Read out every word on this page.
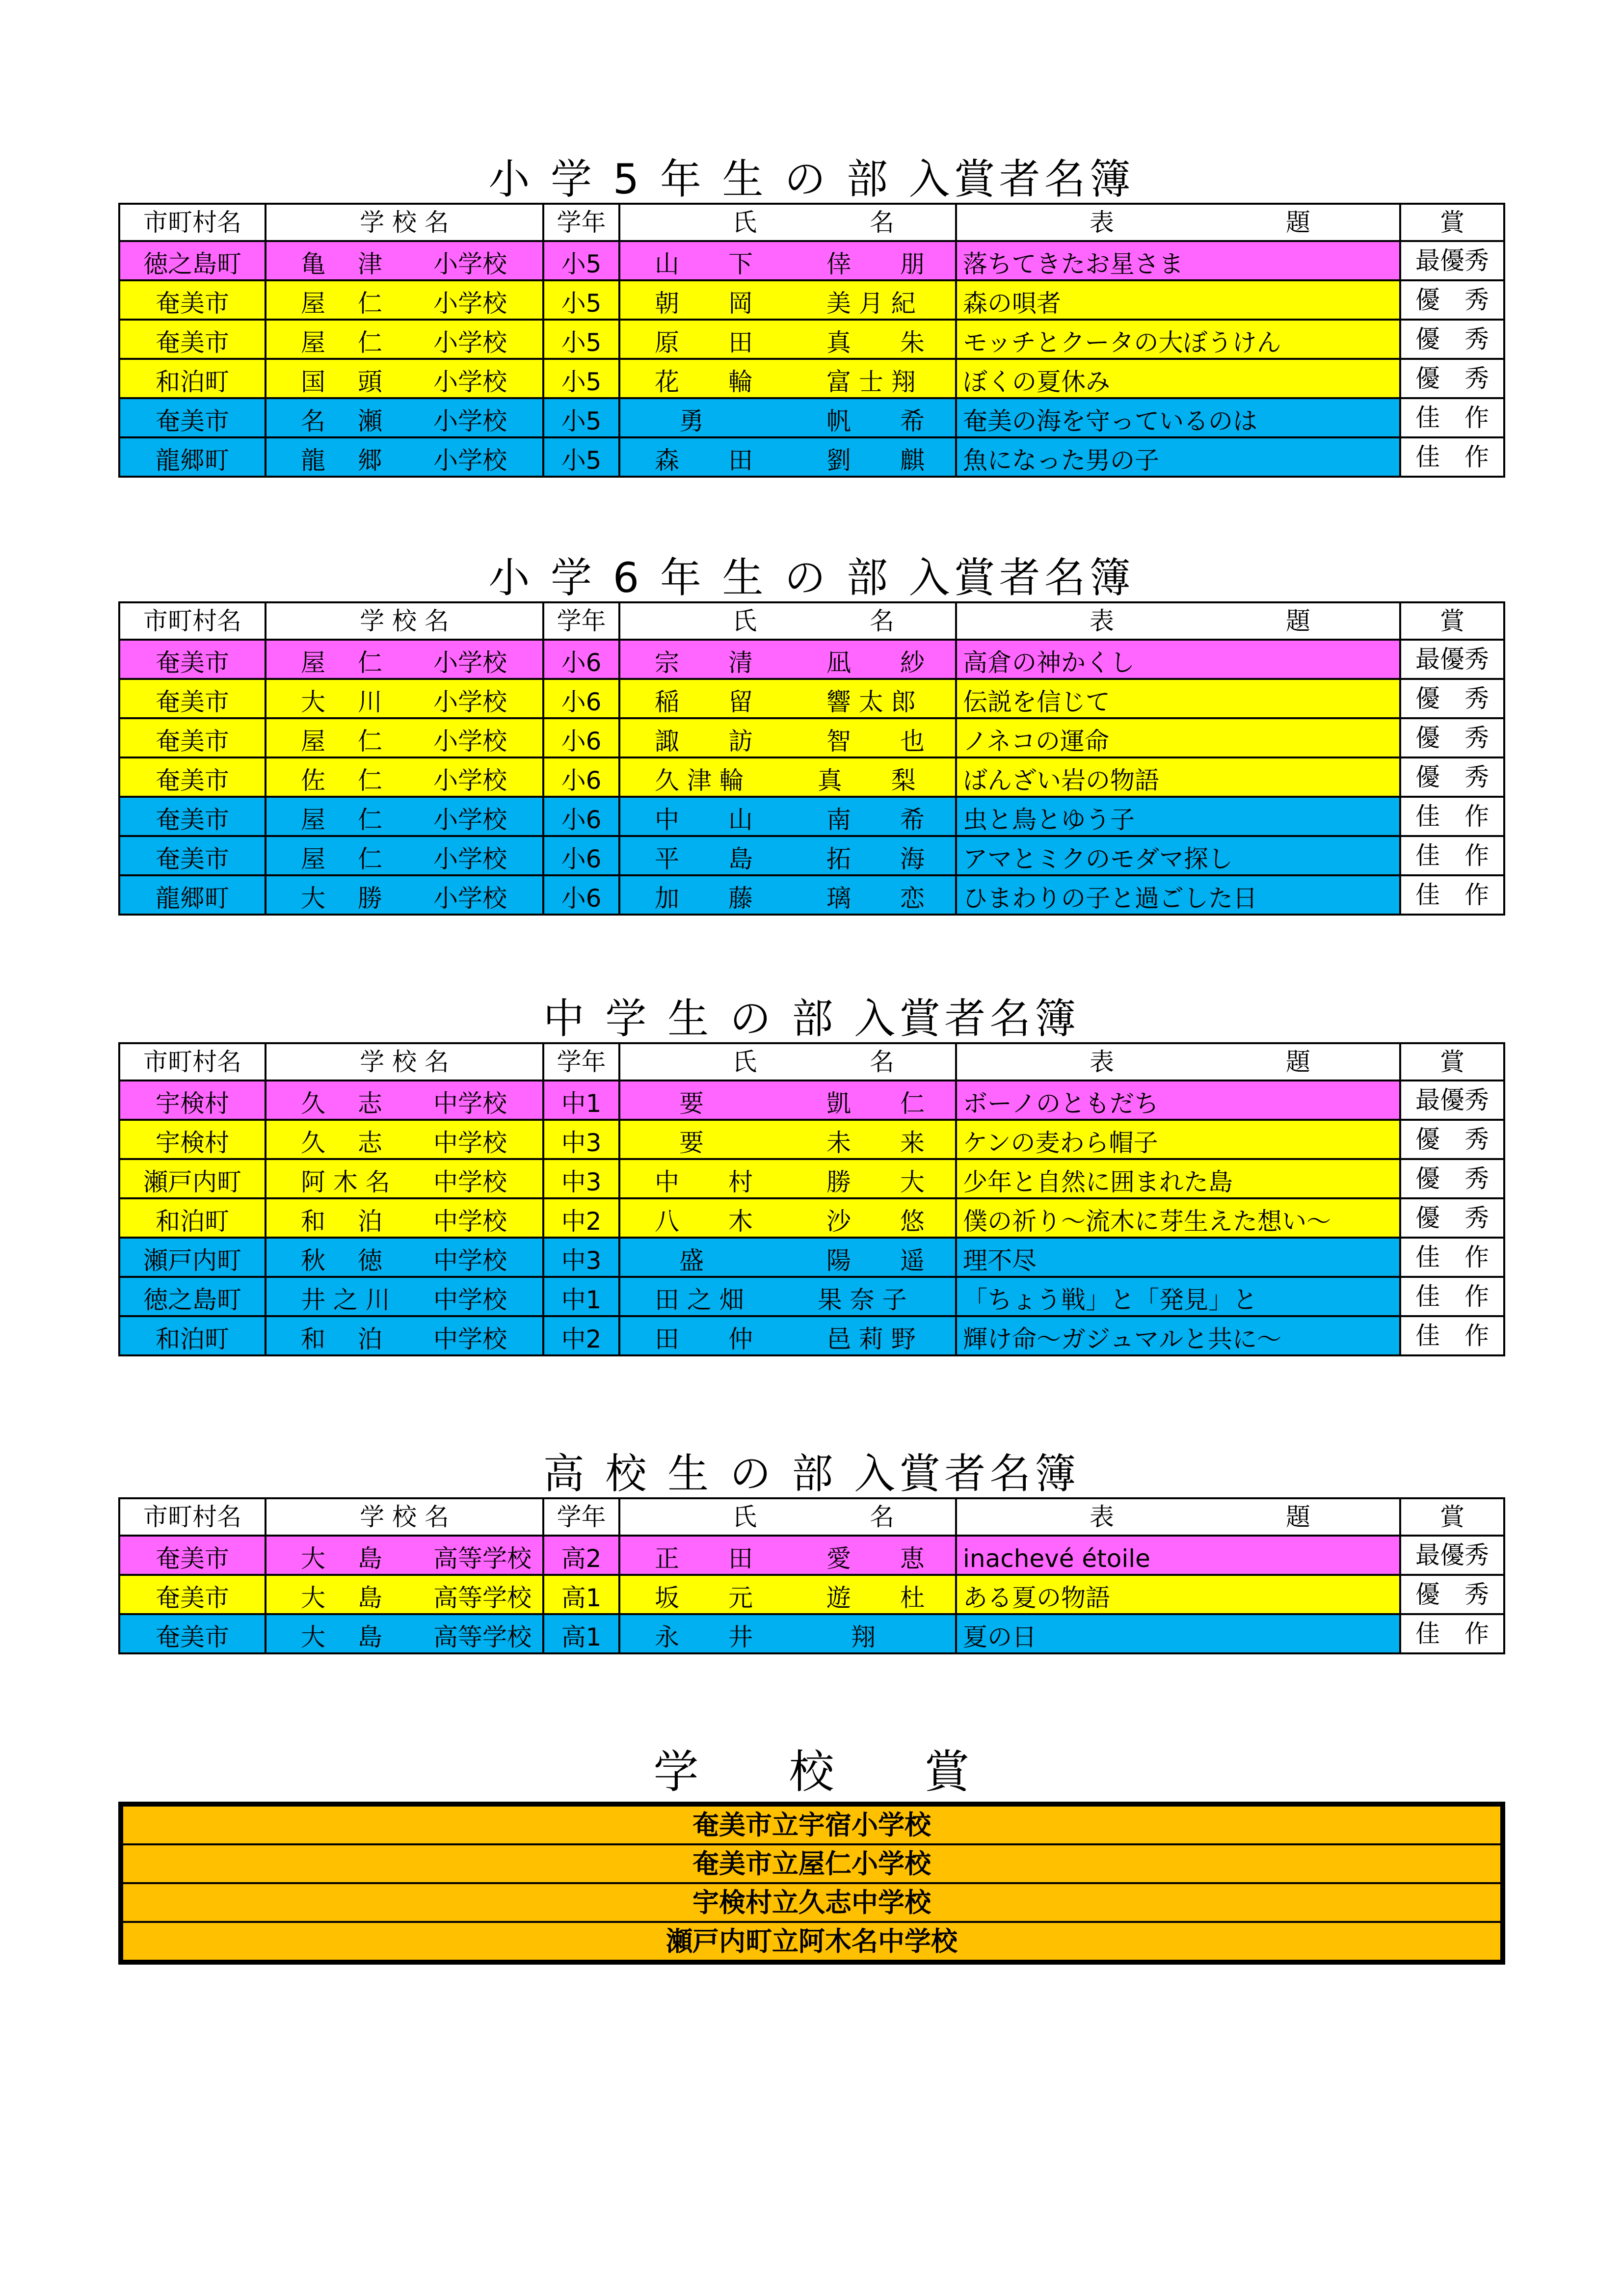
小 学 5 年 生 の 部 入賞者名簿
市町村名	学 校 名	学年	氏 名	表 題	賞
徳之島町	亀　 津 小学校	小5	山　　下　　　倖　　朋	落ちてきたお星さま	最優秀
奄美市	屋　 仁 小学校	小5	朝　　岡　　　美 月 紀	森の唄者	優　秀
奄美市	屋　 仁 小学校	小5	原　　田　　　真　　朱	モッチとクータの大ぼうけん	優　秀
和泊町	国　 頭 小学校	小5	花　　輪　　　富 士 翔	ぼくの夏休み	優　秀
奄美市	名　 瀬 小学校	小5	　勇　　　　　帆　　希	奄美の海を守っているのは	佳　作
龍郷町	龍　 郷 小学校	小5	森　　田　　　劉　　麒	魚になった男の子	佳　作
小 学 6 年 生 の 部 入賞者名簿
市町村名	学 校 名	学年	氏 名	表 題	賞
奄美市	屋　 仁 小学校	小6	宗　　清　　　凪　　紗	高倉の神かくし	最優秀
奄美市	大　 川 小学校	小6	稲　　留　　　響 太 郎	伝説を信じて	優　秀
奄美市	屋　 仁 小学校	小6	諏　　訪　　　智　　也	ノネコの運命	優　秀
奄美市	佐　 仁 小学校	小6	久 津 輪　　　真　　梨	ばんざい岩の物語	優　秀
奄美市	屋　 仁 小学校	小6	中　　山　　　南　　希	虫と鳥とゆう子	佳　作
奄美市	屋　 仁 小学校	小6	平　　島　　　拓　　海	アマとミクのモダマ探し	佳　作
龍郷町	大　 勝 小学校	小6	加　　藤　　　璃　　恋	ひまわりの子と過ごした日	佳　作
中 学 生 の 部 入賞者名簿
市町村名	学 校 名	学年	氏 名	表 題	賞
宇検村	久　 志 中学校	中1	　要　　　　　凱　　仁	ボーノのともだち	最優秀
宇検村	久　 志 中学校	中3	　要　　　　　未　　来	ケンの麦わら帽子	優　秀
瀬戸内町	阿 木 名 中学校	中3	中　　村　　　勝　　大	少年と自然に囲まれた島	優　秀
和泊町	和　 泊 中学校	中2	八　　木　　　沙　　悠	僕の祈り～流木に芽生えた想い～	優　秀
瀬戸内町	秋　 徳 中学校	中3	　盛　　　　　陽　　遥	理不尽	佳　作
徳之島町	井 之 川 中学校	中1	田 之 畑　　　果 奈 子	「ちょう戦」と「発見」と	佳　作
和泊町	和　 泊 中学校	中2	田　　仲　　　邑 莉 野	輝け命～ガジュマルと共に～	佳　作
高 校 生 の 部 入賞者名簿
市町村名	学 校 名	学年	氏 名	表 題	賞
奄美市	大　 島 高等学校	高2	正　　田　　　愛　　恵	inachevé étoile	最優秀
奄美市	大　 島 高等学校	高1	坂　　元　　　遊　　杜	ある夏の物語	優　秀
奄美市	大　 島 高等学校	高1	永　　井　　　　翔	夏の日	佳　作
学　　校　　賞
奄美市立宇宿小学校
奄美市立屋仁小学校
宇検村立久志中学校
瀬戸内町立阿木名中学校
